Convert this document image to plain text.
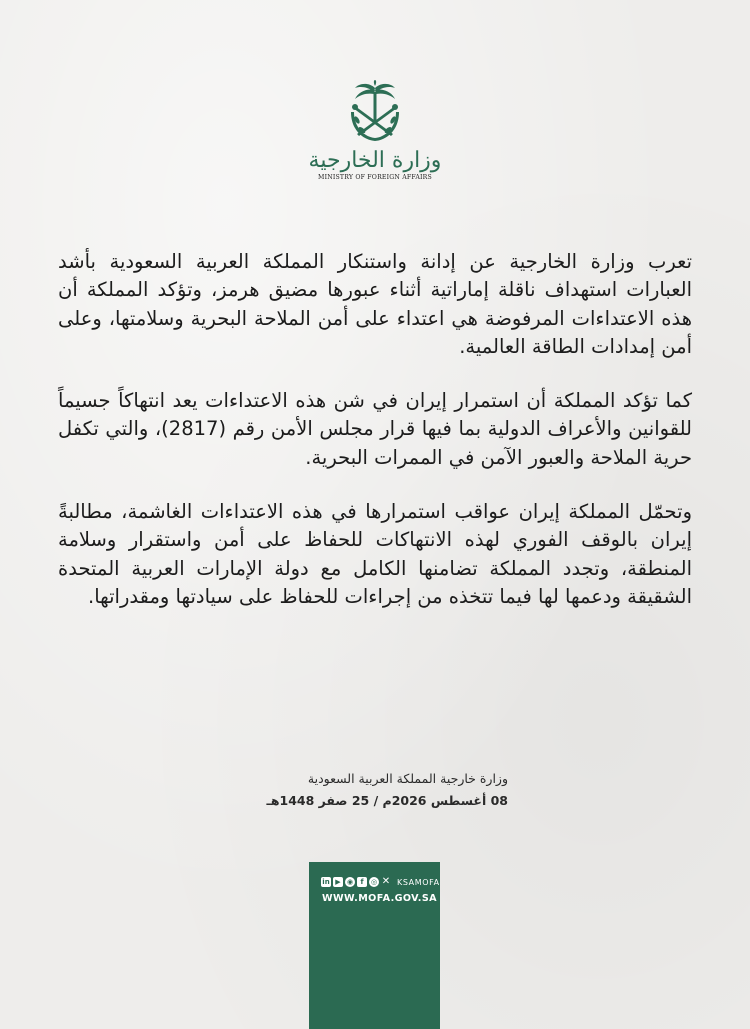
وزارة الخارجية
MINISTRY OF FOREIGN AFFAIRS

تعرب وزارة الخارجية عن إدانة واستنكار المملكة العربية السعودية بأشد العبارات استهداف ناقلة إماراتية أثناء عبورها مضيق هرمز، وتؤكد المملكة أن هذه الاعتداءات المرفوضة هي اعتداء على أمن الملاحة البحرية وسلامتها، وعلى أمن إمدادات الطاقة العالمية.

كما تؤكد المملكة أن استمرار إيران في شن هذه الاعتداءات يعد انتهاكاً جسيماً للقوانين والأعراف الدولية بما فيها قرار مجلس الأمن رقم (2817)، والتي تكفل حرية الملاحة والعبور الآمن في الممرات البحرية.

وتحمّل المملكة إيران عواقب استمرارها في هذه الاعتداءات الغاشمة، مطالبةً إيران بالوقف الفوري لهذه الانتهاكات للحفاظ على أمن واستقرار وسلامة المنطقة، وتجدد المملكة تضامنها الكامل مع دولة الإمارات العربية المتحدة الشقيقة ودعمها لها فيما تتخذه من إجراءات للحفاظ على سيادتها ومقدراتها.

وزارة خارجية المملكة العربية السعودية
08 أغسطس 2026م / 25 صفر 1448هـ
in ▶ ◉	f	◎ ✕ KSAMOFA
WWW.MOFA.GOV.SA
